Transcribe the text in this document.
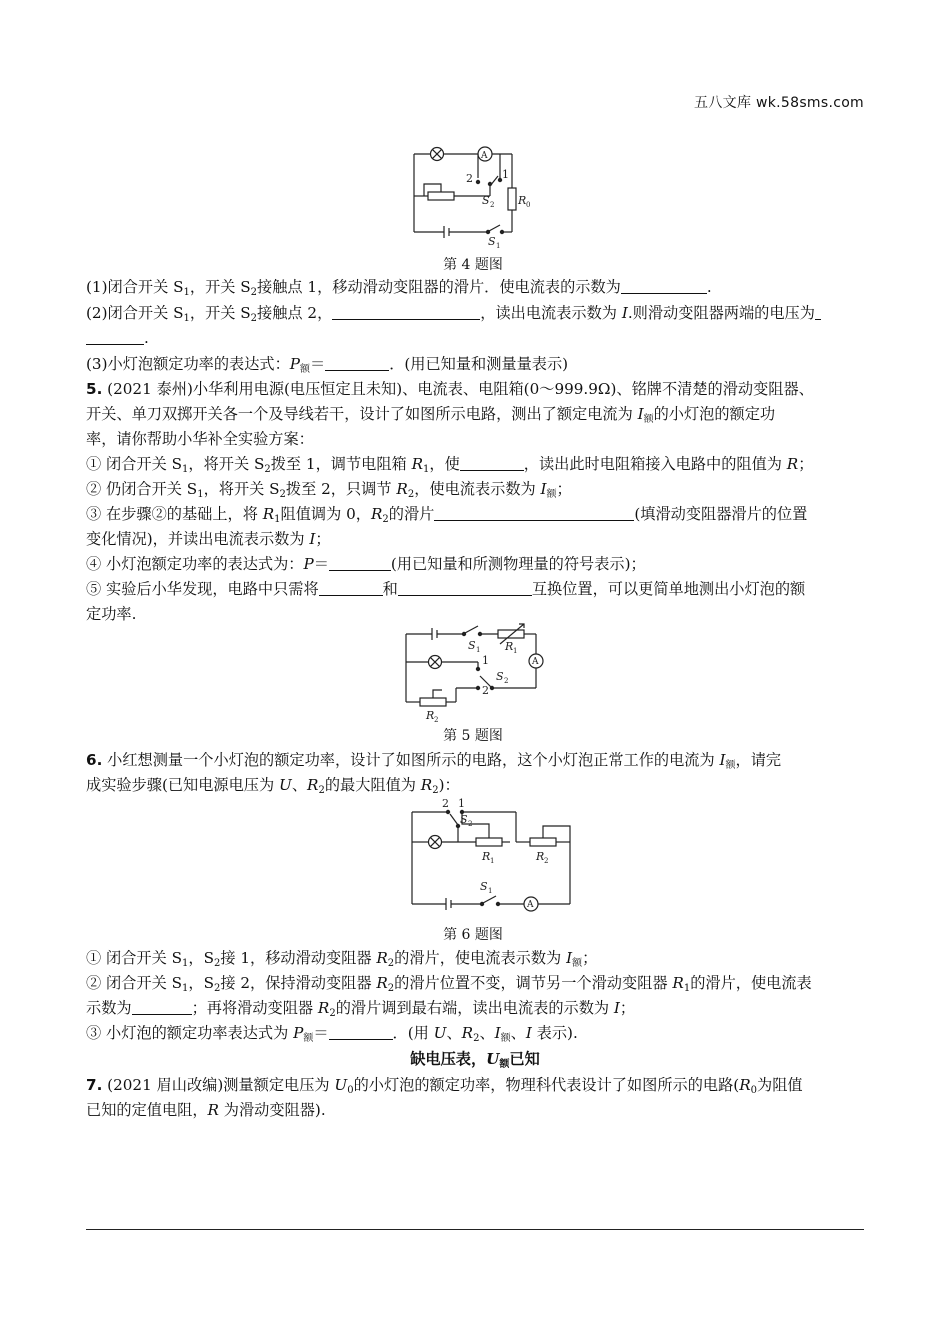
五八文库 wk.58sms.com
A
1
2
S 2 R 0
S 1
第 4 题图
(1)闭合开关 $S_1$，开关 $S_2$接触点 1，移动滑动变阻器的滑片．使电流表的示数为	.
(2)闭合开关 $S_1$，开关 $S_2$接触点 2，	，读出电流表示数为 I.则滑动变阻器两端的电压为
.
(3)小灯泡额定功率的表达式：$P_额=$	．(用已知量和测量量表示)
5. (2021 泰州)小华利用电源(电压恒定且未知)、电流表、电阻箱(0～999.9Ω)、铭牌不清楚的滑动变阻器、
开关、单刀双掷开关各一个及导线若干，设计了如图所示电路，测出了额定电流为 $I_额$的小灯泡的额定功
率，请你帮助小华补全实验方案：
① 闭合开关 $S_1$，将开关 $S_2$拨至 1，调节电阻箱 $R_1$，使	，读出此时电阻箱接入电路中的阻值为 R；
② 仍闭合开关 $S_1$，将开关 $S_2$拨至 2，只调节 $R_2$，使电流表示数为 $I_额$；
③ 在步骤②的基础上，将 $R_1$阻值调为 0，$R_2$的滑片	(填滑动变阻器滑片的位置
变化情况)，并读出电流表示数为 I；
④ 小灯泡额定功率的表达式为：P＝	(用已知量和所测物理量的符号表示)；
⑤ 实验后小华发现，电路中只需将	和	互换位置，可以更简单地测出小灯泡的额
定功率.
S 1 R 1
A
1
2
S 2
R 2
第 5 题图
6. 小红想测量一个小灯泡的额定功率，设计了如图所示的电路，这个小灯泡正常工作的电流为 $I_额$，请完
成实验步骤(已知电源电压为 U、$R_2$的最大阻值为 $R_2$)：
2 1
S 2
R 1	R 2
S 1
A
第 6 题图
① 闭合开关 $S_1$，$S_2$接 1，移动滑动变阻器 $R_2$的滑片，使电流表示数为 $I_额$；
② 闭合开关 $S_1$，$S_2$接 2，保持滑动变阻器 $R_2$的滑片位置不变，调节另一个滑动变阻器 $R_1$的滑片，使电流表
示数为	；再将滑动变阻器 $R_2$的滑片调到最右端，读出电流表的示数为 I；
③ 小灯泡的额定功率表达式为 $P_额=$	．(用 U、$R_2$、$I_额$、I 表示).
缺电压表，$U_额$已知
7. (2021 眉山改编)测量额定电压为 $U_0$的小灯泡的额定功率，物理科代表设计了如图所示的电路($R_0$为阻值
已知的定值电阻，R 为滑动变阻器).
